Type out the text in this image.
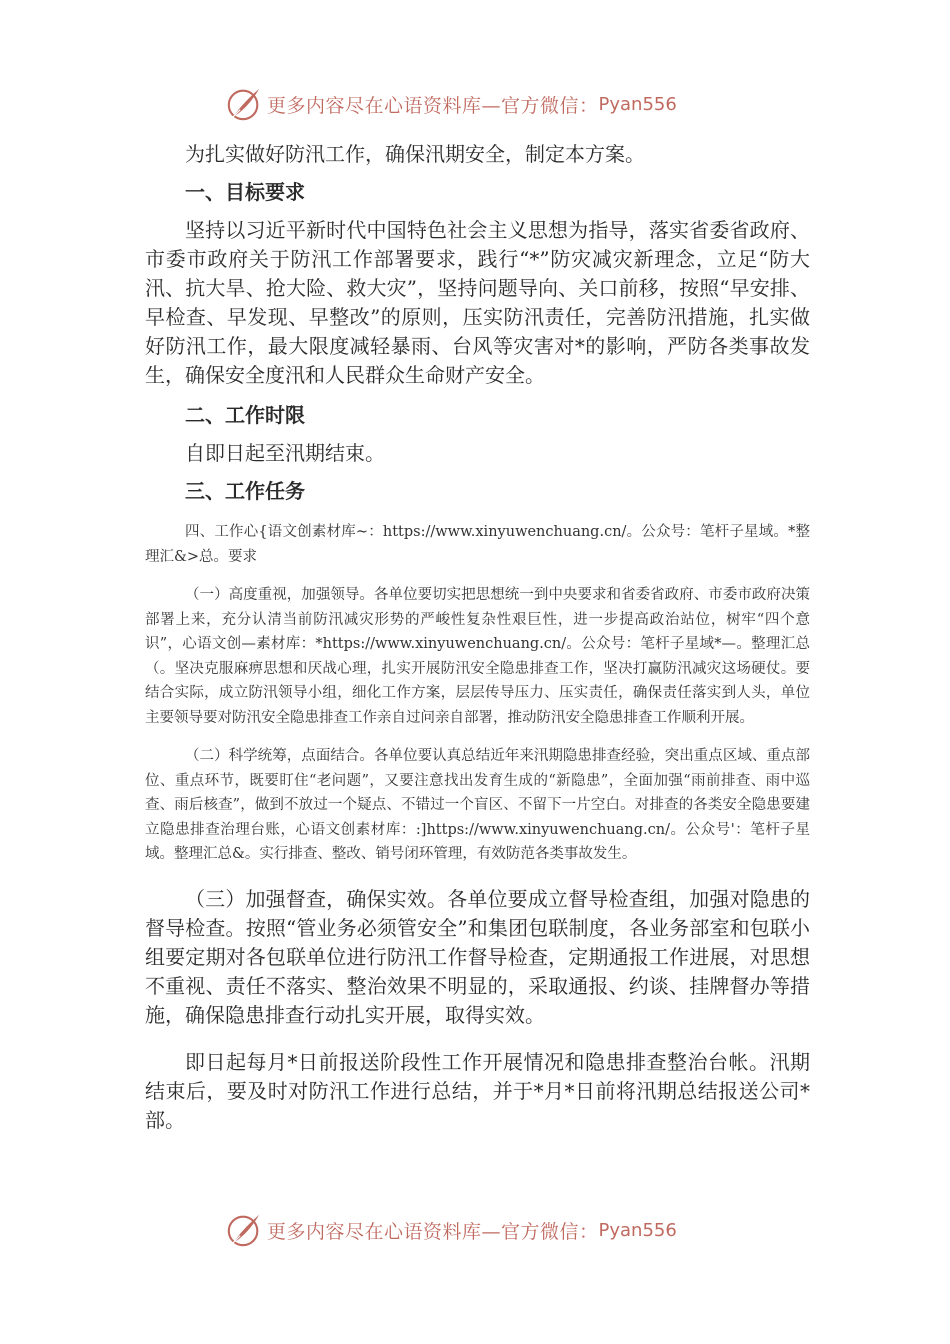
更多内容尽在心语资料库—官方微信： Pyan556

为扎实做好防汛工作，确保汛期安全，制定本方案。

一、目标要求

坚持以习近平新时代中国特色社会主义思想为指导，落实省委省政府、市委市政府关于防汛工作部署要求，践行“*”防灾减灾新理念，立足“防大汛、抗大旱、抢大险、救大灾”，坚持问题导向、关口前移，按照“早安排、早检查、早发现、早整改”的原则，压实防汛责任，完善防汛措施，扎实做好防汛工作，最大限度减轻暴雨、台风等灾害对*的影响，严防各类事故发生，确保安全度汛和人民群众生命财产安全。

二、工作时限

自即日起至汛期结束。

三、工作任务

四、工作心{语文创素材库~：https://www.xinyuwenchuang.cn/。公众号：笔杆子星域。*整理汇&>总。要求

（一）高度重视，加强领导。各单位要切实把思想统一到中央要求和省委省政府、市委市政府决策部署上来，充分认清当前防汛减灾形势的严峻性复杂性艰巨性，进一步提高政治站位，树牢“四个意识”，心语文创—素材库：*https://www.xinyuwenchuang.cn/。公众号：笔杆子星域*—。整理汇总（。坚决克服麻痹思想和厌战心理，扎实开展防汛安全隐患排查工作，坚决打赢防汛减灾这场硬仗。要结合实际，成立防汛领导小组，细化工作方案，层层传导压力、压实责任，确保责任落实到人头，单位主要领导要对防汛安全隐患排查工作亲自过问亲自部署，推动防汛安全隐患排查工作顺利开展。

（二）科学统筹，点面结合。各单位要认真总结近年来汛期隐患排查经验，突出重点区域、重点部位、重点环节，既要盯住“老问题”，又要注意找出发育生成的“新隐患”，全面加强“雨前排查、雨中巡查、雨后核查”，做到不放过一个疑点、不错过一个盲区、不留下一片空白。对排查的各类安全隐患要建立隐患排查治理台账，心语文创素材库：:]https://www.xinyuwenchuang.cn/。公众号'：笔杆子星域。整理汇总&。实行排查、整改、销号闭环管理，有效防范各类事故发生。

（三）加强督查，确保实效。各单位要成立督导检查组，加强对隐患的督导检查。按照“管业务必须管安全”和集团包联制度，各业务部室和包联小组要定期对各包联单位进行防汛工作督导检查，定期通报工作进展，对思想不重视、责任不落实、整治效果不明显的，采取通报、约谈、挂牌督办等措施，确保隐患排查行动扎实开展，取得实效。

即日起每月*日前报送阶段性工作开展情况和隐患排查整治台帐。汛期结束后，要及时对防汛工作进行总结，并于*月*日前将汛期总结报送公司*部。

更多内容尽在心语资料库—官方微信： Pyan556
